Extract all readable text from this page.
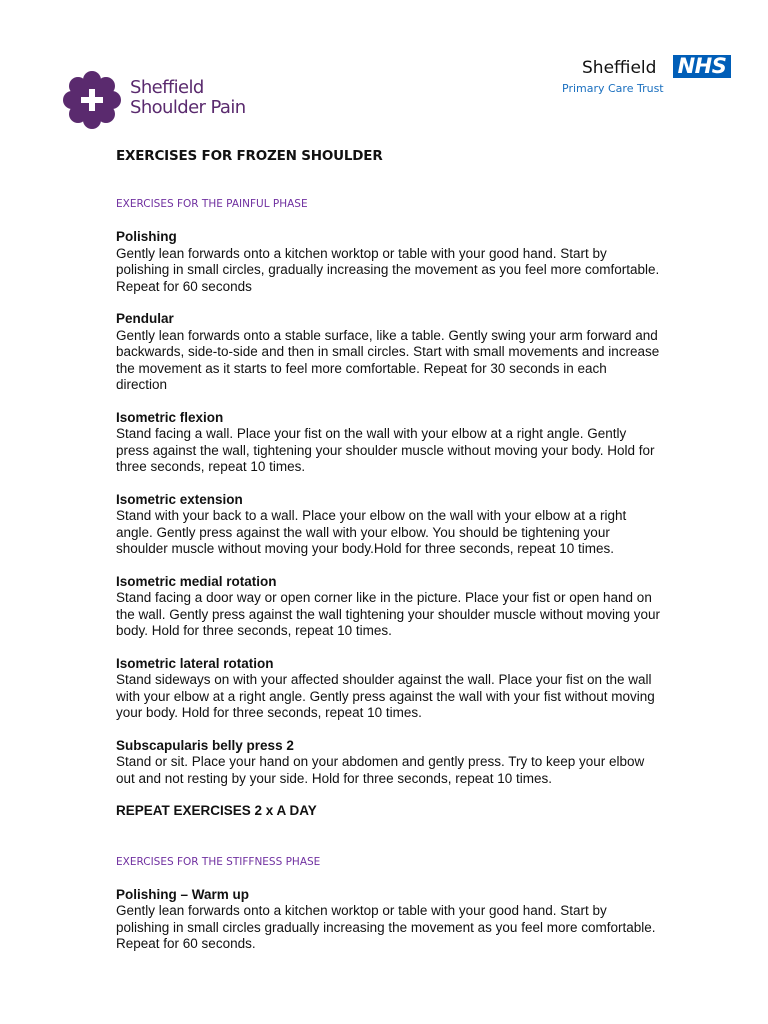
Sheffield
Shoulder Pain
Sheffield NHS
Primary Care Trust
EXERCISES FOR FROZEN SHOULDER
EXERCISES FOR THE PAINFUL PHASE
Polishing
Gently lean forwards onto a kitchen worktop or table with your good hand. Start by polishing in small circles, gradually increasing the movement as you feel more comfortable. Repeat for 60 seconds
Pendular
Gently lean forwards onto a stable surface, like a table. Gently swing your arm forward and backwards, side-to-side and then in small circles. Start with small movements and increase the movement as it starts to feel more comfortable. Repeat for 30 seconds in each direction
Isometric flexion
Stand facing a wall. Place your fist on the wall with your elbow at a right angle. Gently press against the wall, tightening your shoulder muscle without moving your body. Hold for three seconds, repeat 10 times.
Isometric extension
Stand with your back to a wall. Place your elbow on the wall with your elbow at a right angle. Gently press against the wall with your elbow. You should be tightening your shoulder muscle without moving your body.Hold for three seconds, repeat 10 times.
Isometric medial rotation
Stand facing a door way or open corner like in the picture. Place your fist or open hand on the wall. Gently press against the wall tightening your shoulder muscle without moving your body. Hold for three seconds, repeat 10 times.
Isometric lateral rotation
Stand sideways on with your affected shoulder against the wall. Place your fist on the wall with your elbow at a right angle. Gently press against the wall with your fist without moving your body. Hold for three seconds, repeat 10 times.
Subscapularis belly press 2
Stand or sit. Place your hand on your abdomen and gently press. Try to keep your elbow out and not resting by your side. Hold for three seconds, repeat 10 times.
REPEAT EXERCISES 2 x A DAY
EXERCISES FOR THE STIFFNESS PHASE
Polishing – Warm up
Gently lean forwards onto a kitchen worktop or table with your good hand. Start by polishing in small circles gradually increasing the movement as you feel more comfortable. Repeat for 60 seconds.
